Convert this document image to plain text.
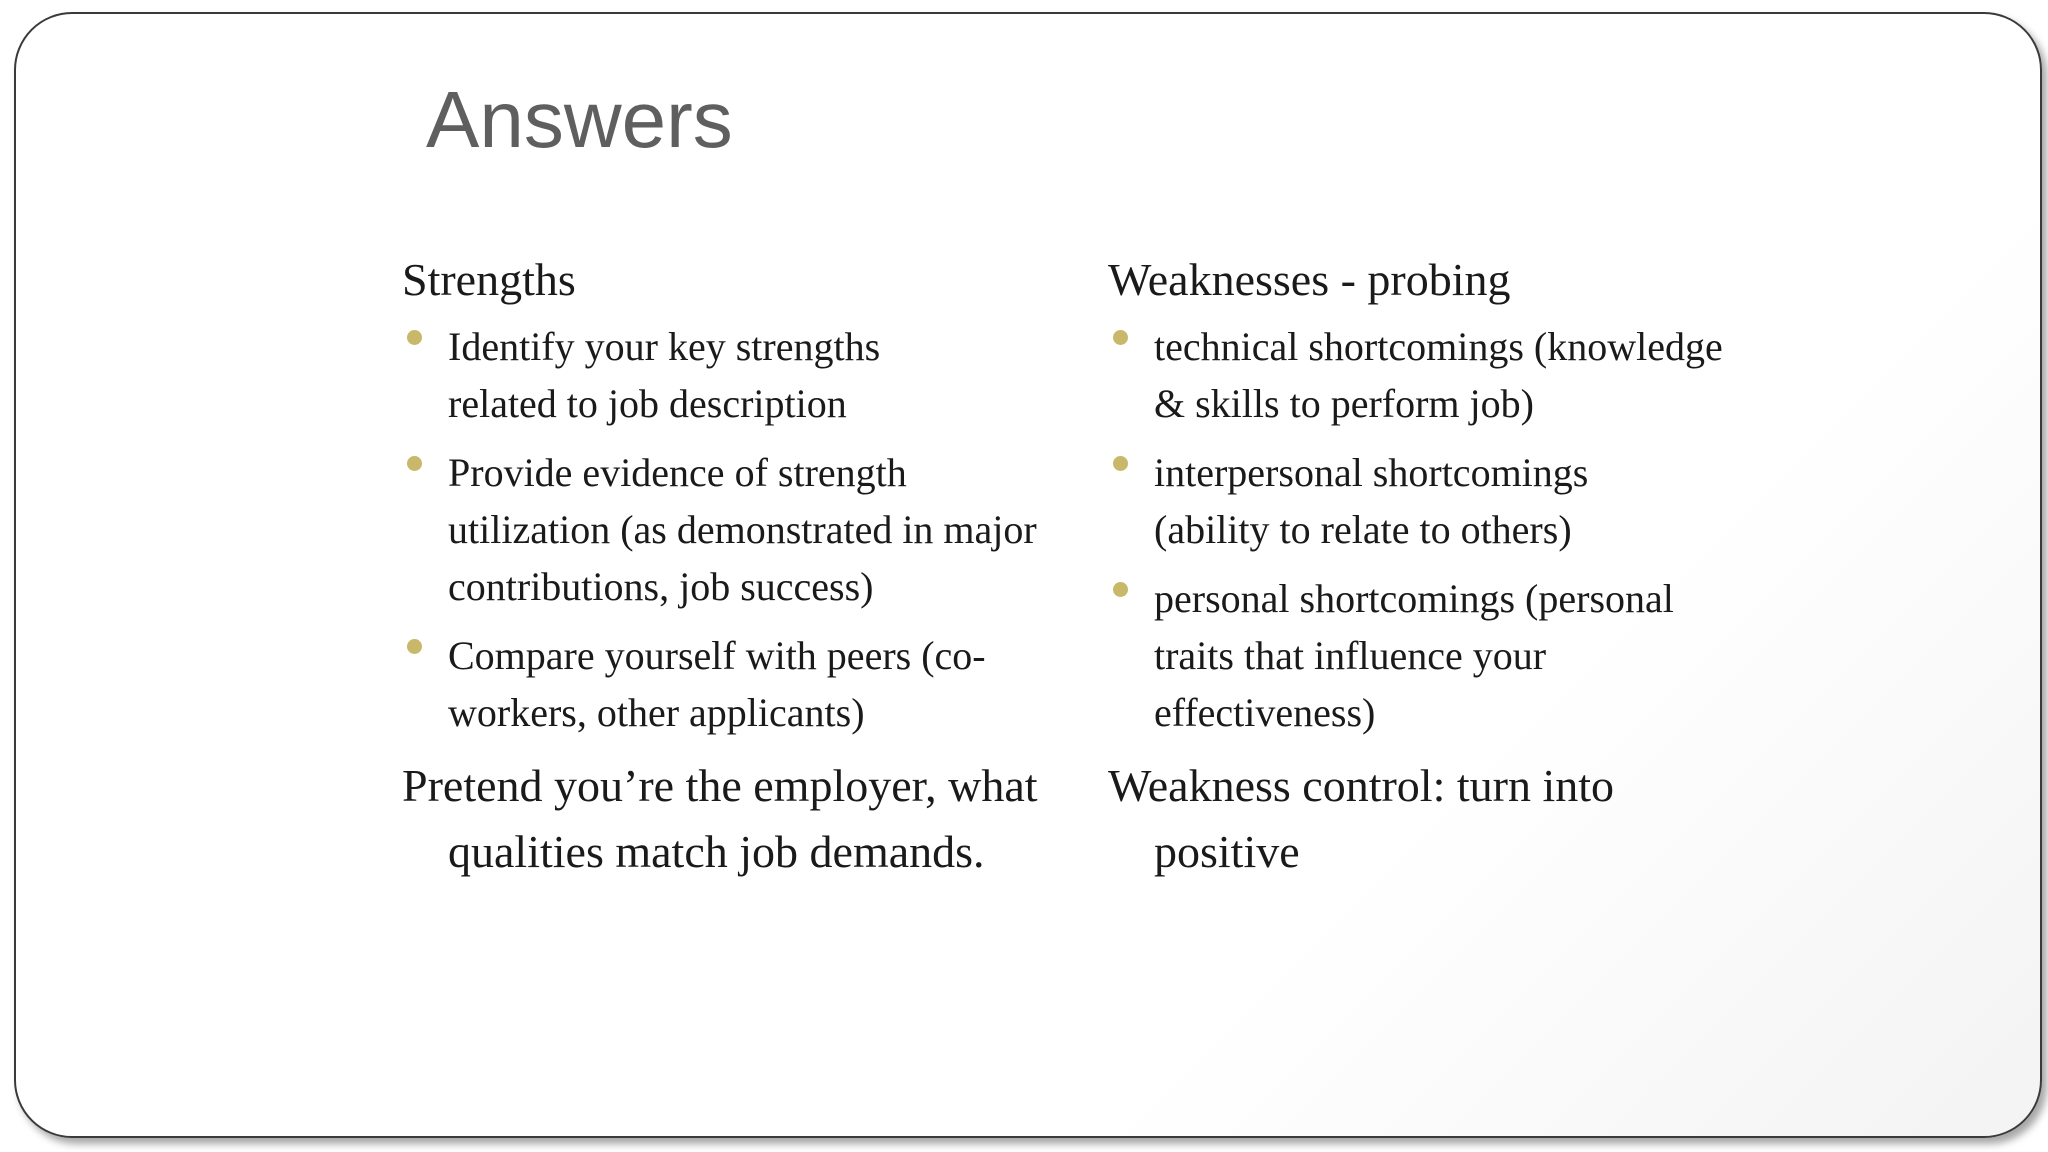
Answers
Strengths
Identify your key strengths related to job description
Provide evidence of strength utilization (as demonstrated in major contributions, job success)
Compare yourself with peers (co-workers, other applicants)

Pretend you’re the employer, what qualities match job demands.

Weaknesses - probing
technical shortcomings (knowledge & skills to perform job)
interpersonal shortcomings (ability to relate to others)
personal shortcomings (personal traits that influence your effectiveness)

Weakness control: turn into positive
